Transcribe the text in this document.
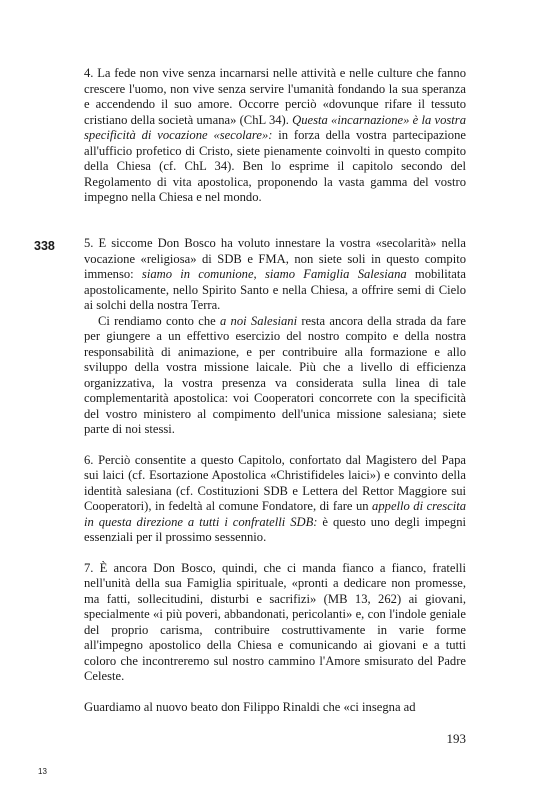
4. La fede non vive senza incarnarsi nelle attività e nelle culture che fanno crescere l'uomo, non vive senza servire l'umanità fondando la sua speranza e accendendo il suo amore. Occorre perciò «dovunque rifare il tessuto cristiano della società umana» (ChL 34). Questa «incarnazione» è la vostra specificità di vocazione «secolare»: in forza della vostra partecipazione all'ufficio profetico di Cristo, siete pienamente coinvolti in questo compito della Chiesa (cf. ChL 34). Ben lo esprime il capitolo secondo del Regolamento di vita apostolica, proponendo la vasta gamma del vostro impegno nella Chiesa e nel mondo.

338 5. E siccome Don Bosco ha voluto innestare la vostra «secolarità» nella vocazione «religiosa» di SDB e FMA, non siete soli in questo compito immenso: siamo in comunione, siamo Famiglia Salesiana mobilitata apostolicamente, nello Spirito Santo e nella Chiesa, a offrire semi di Cielo ai solchi della nostra Terra.

Ci rendiamo conto che a noi Salesiani resta ancora della strada da fare per giungere a un effettivo esercizio del nostro compito e della nostra responsabilità di animazione, e per contribuire alla formazione e allo sviluppo della vostra missione laicale. Più che a livello di efficienza organizzativa, la vostra presenza va considerata sulla linea di tale complementarità apostolica: voi Cooperatori concorrete con la specificità del vostro ministero al compimento dell'unica missione salesiana; siete parte di noi stessi.

6. Perciò consentite a questo Capitolo, confortato dal Magistero del Papa sui laici (cf. Esortazione Apostolica «Christifideles laici») e convinto della identità salesiana (cf. Costituzioni SDB e Lettera del Rettor Maggiore sui Cooperatori), in fedeltà al comune Fondatore, di fare un appello di crescita in questa direzione a tutti i confratelli SDB: è questo uno degli impegni essenziali per il prossimo sessennio.

7. È ancora Don Bosco, quindi, che ci manda fianco a fianco, fratelli nell'unità della sua Famiglia spirituale, «pronti a dedicare non promesse, ma fatti, sollecitudini, disturbi e sacrifizi» (MB 13, 262) ai giovani, specialmente «i più poveri, abbandonati, pericolanti» e, con l'indole geniale del proprio carisma, contribuire costruttivamente in varie forme all'impegno apostolico della Chiesa e comunicando ai giovani e a tutti coloro che incontreremo sul nostro cammino l'Amore smisurato del Padre Celeste.

Guardiamo al nuovo beato don Filippo Rinaldi che «ci insegna ad

193
13
